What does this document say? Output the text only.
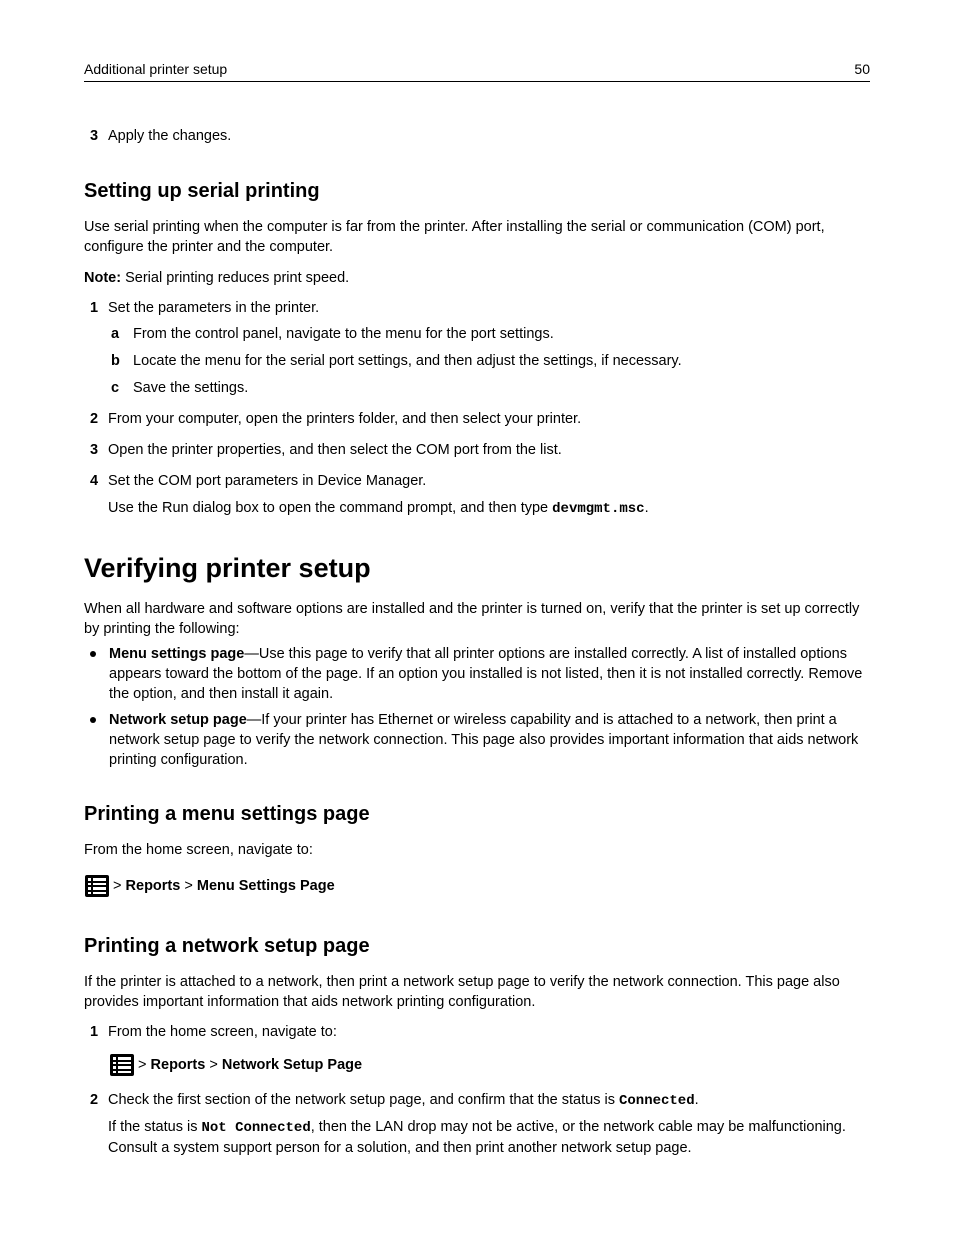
Additional printer setup	50
3 Apply the changes.
Setting up serial printing
Use serial printing when the computer is far from the printer. After installing the serial or communication (COM) port, configure the printer and the computer.
Note: Serial printing reduces print speed.
1 Set the parameters in the printer.
a From the control panel, navigate to the menu for the port settings.
b Locate the menu for the serial port settings, and then adjust the settings, if necessary.
c Save the settings.
2 From your computer, open the printers folder, and then select your printer.
3 Open the printer properties, and then select the COM port from the list.
4 Set the COM port parameters in Device Manager.
Use the Run dialog box to open the command prompt, and then type devmgmt.msc.
Verifying printer setup
When all hardware and software options are installed and the printer is turned on, verify that the printer is set up correctly by printing the following:
Menu settings page—Use this page to verify that all printer options are installed correctly. A list of installed options appears toward the bottom of the page. If an option you installed is not listed, then it is not installed correctly. Remove the option, and then install it again.
Network setup page—If your printer has Ethernet or wireless capability and is attached to a network, then print a network setup page to verify the network connection. This page also provides important information that aids network printing configuration.
Printing a menu settings page
From the home screen, navigate to:
> Reports > Menu Settings Page
Printing a network setup page
If the printer is attached to a network, then print a network setup page to verify the network connection. This page also provides important information that aids network printing configuration.
1 From the home screen, navigate to:
> Reports > Network Setup Page
2 Check the first section of the network setup page, and confirm that the status is Connected.
If the status is Not Connected, then the LAN drop may not be active, or the network cable may be malfunctioning. Consult a system support person for a solution, and then print another network setup page.
